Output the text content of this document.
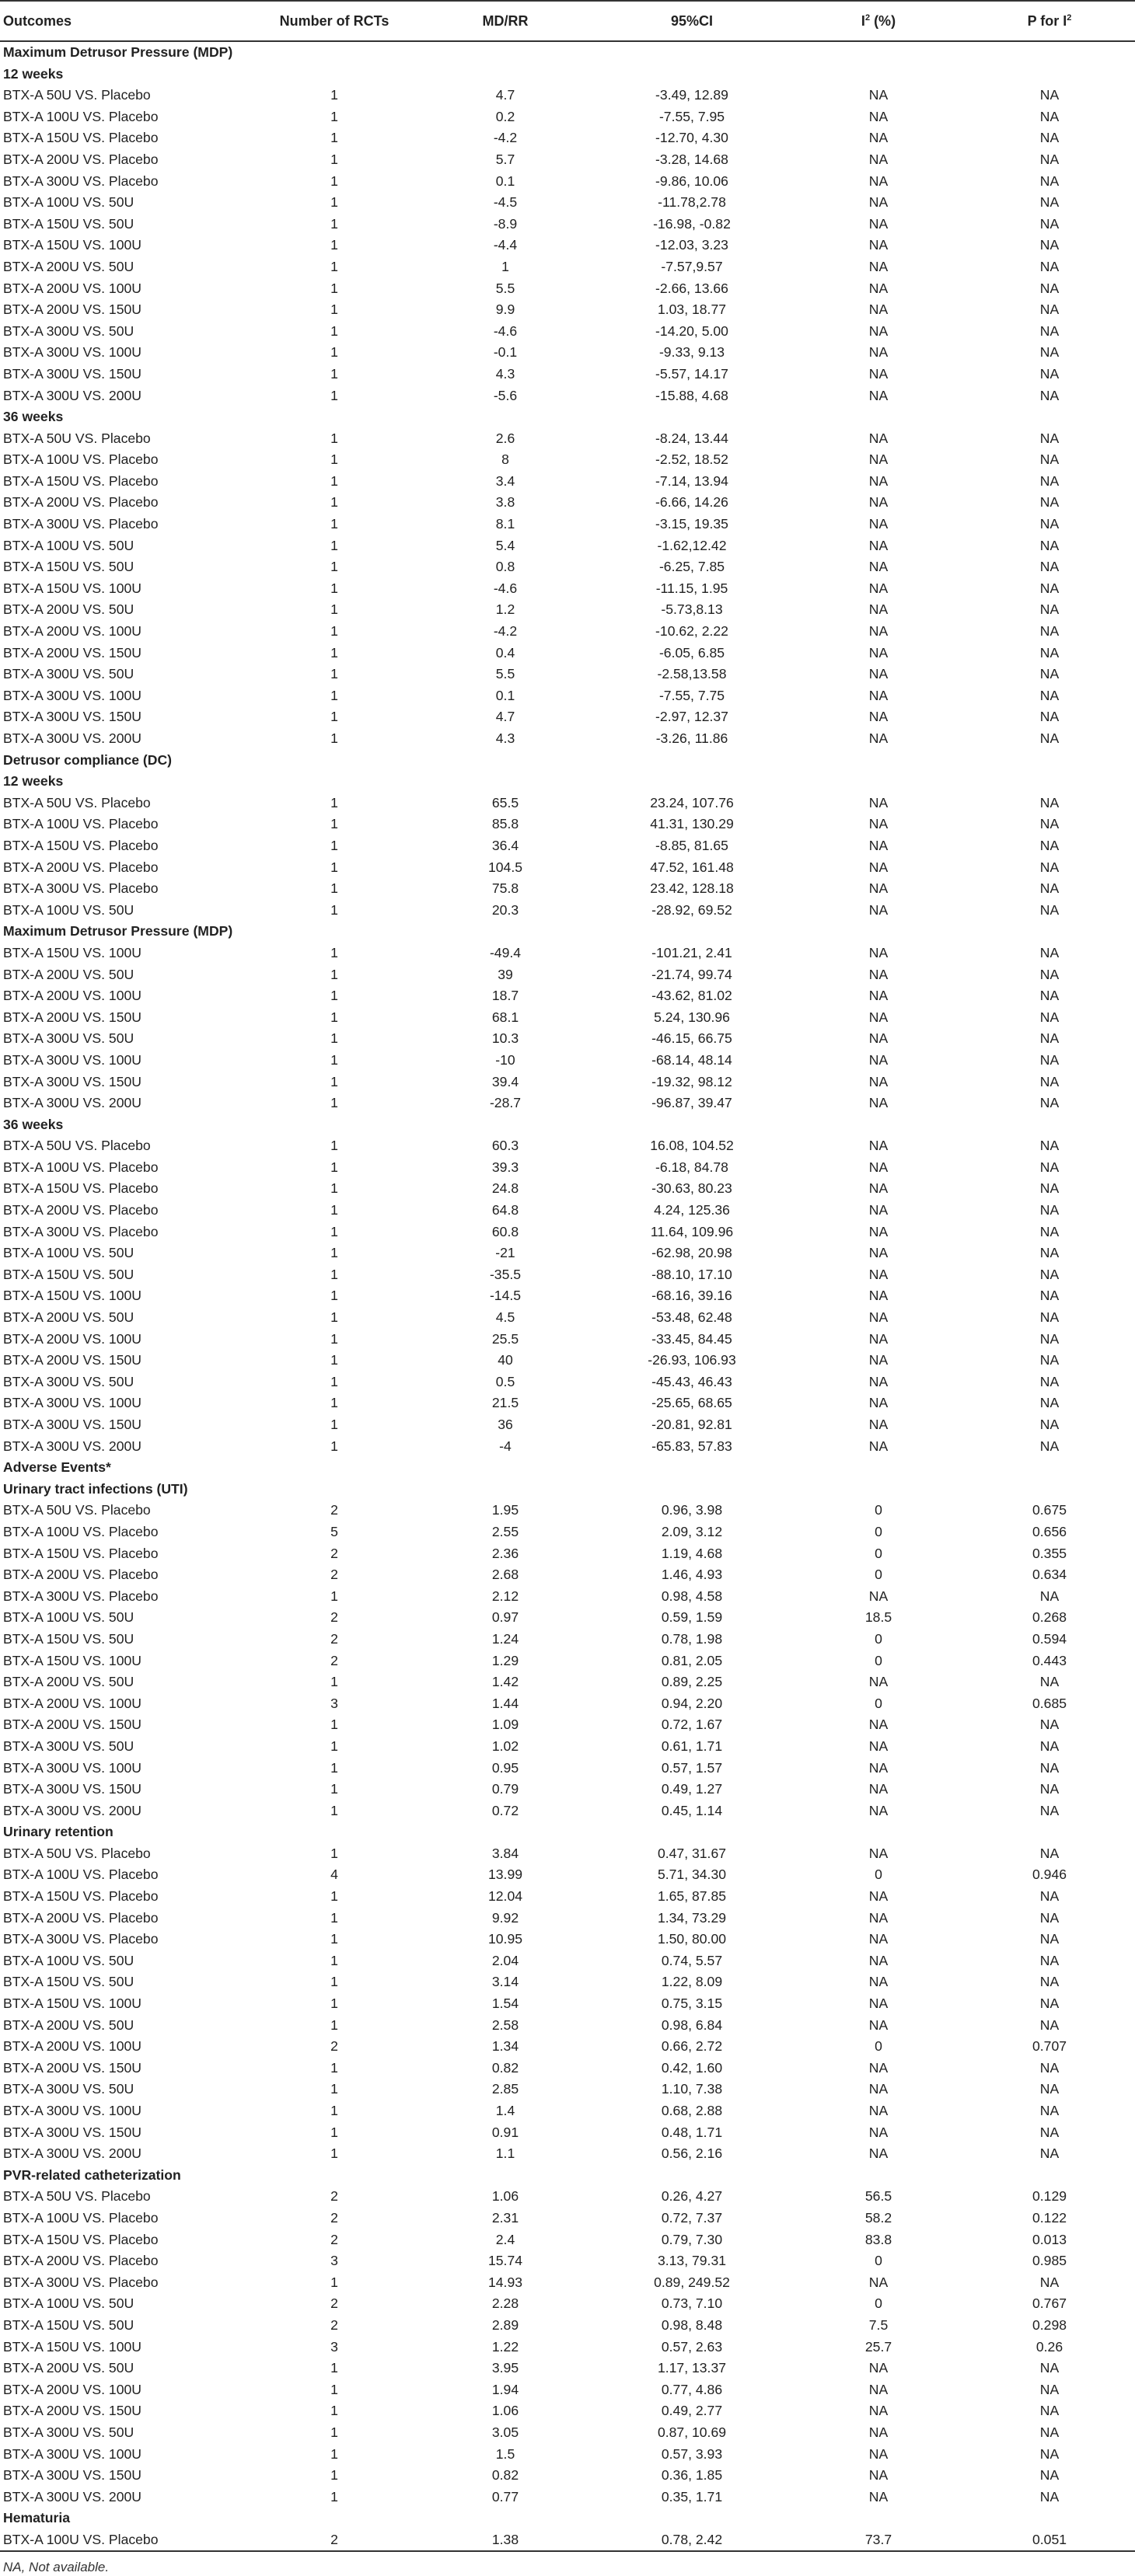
Outcomes	Number of RCTs	MD/RR	95%CI	$I^2$ (%)	P for $I^2$
Maximum Detrusor Pressure (MDP)					
12 weeks					
BTX-A 50U VS. Placebo	1	4.7	-3.49, 12.89	NA	NA
BTX-A 100U VS. Placebo	1	0.2	-7.55, 7.95	NA	NA
BTX-A 150U VS. Placebo	1	-4.2	-12.70, 4.30	NA	NA
BTX-A 200U VS. Placebo	1	5.7	-3.28, 14.68	NA	NA
BTX-A 300U VS. Placebo	1	0.1	-9.86, 10.06	NA	NA
BTX-A 100U VS. 50U	1	-4.5	-11.78,2.78	NA	NA
BTX-A 150U VS. 50U	1	-8.9	-16.98, -0.82	NA	NA
BTX-A 150U VS. 100U	1	-4.4	-12.03, 3.23	NA	NA
BTX-A 200U VS. 50U	1	1	-7.57,9.57	NA	NA
BTX-A 200U VS. 100U	1	5.5	-2.66, 13.66	NA	NA
BTX-A 200U VS. 150U	1	9.9	1.03, 18.77	NA	NA
BTX-A 300U VS. 50U	1	-4.6	-14.20, 5.00	NA	NA
BTX-A 300U VS. 100U	1	-0.1	-9.33, 9.13	NA	NA
BTX-A 300U VS. 150U	1	4.3	-5.57, 14.17	NA	NA
BTX-A 300U VS. 200U	1	-5.6	-15.88, 4.68	NA	NA
36 weeks					
BTX-A 50U VS. Placebo	1	2.6	-8.24, 13.44	NA	NA
BTX-A 100U VS. Placebo	1	8	-2.52, 18.52	NA	NA
BTX-A 150U VS. Placebo	1	3.4	-7.14, 13.94	NA	NA
BTX-A 200U VS. Placebo	1	3.8	-6.66, 14.26	NA	NA
BTX-A 300U VS. Placebo	1	8.1	-3.15, 19.35	NA	NA
BTX-A 100U VS. 50U	1	5.4	-1.62,12.42	NA	NA
BTX-A 150U VS. 50U	1	0.8	-6.25, 7.85	NA	NA
BTX-A 150U VS. 100U	1	-4.6	-11.15, 1.95	NA	NA
BTX-A 200U VS. 50U	1	1.2	-5.73,8.13	NA	NA
BTX-A 200U VS. 100U	1	-4.2	-10.62, 2.22	NA	NA
BTX-A 200U VS. 150U	1	0.4	-6.05, 6.85	NA	NA
BTX-A 300U VS. 50U	1	5.5	-2.58,13.58	NA	NA
BTX-A 300U VS. 100U	1	0.1	-7.55, 7.75	NA	NA
BTX-A 300U VS. 150U	1	4.7	-2.97, 12.37	NA	NA
BTX-A 300U VS. 200U	1	4.3	-3.26, 11.86	NA	NA
Detrusor compliance (DC)					
12 weeks					
BTX-A 50U VS. Placebo	1	65.5	23.24, 107.76	NA	NA
BTX-A 100U VS. Placebo	1	85.8	41.31, 130.29	NA	NA
BTX-A 150U VS. Placebo	1	36.4	-8.85, 81.65	NA	NA
BTX-A 200U VS. Placebo	1	104.5	47.52, 161.48	NA	NA
BTX-A 300U VS. Placebo	1	75.8	23.42, 128.18	NA	NA
BTX-A 100U VS. 50U	1	20.3	-28.92, 69.52	NA	NA
Maximum Detrusor Pressure (MDP)					
BTX-A 150U VS. 100U	1	-49.4	-101.21, 2.41	NA	NA
BTX-A 200U VS. 50U	1	39	-21.74, 99.74	NA	NA
BTX-A 200U VS. 100U	1	18.7	-43.62, 81.02	NA	NA
BTX-A 200U VS. 150U	1	68.1	5.24, 130.96	NA	NA
BTX-A 300U VS. 50U	1	10.3	-46.15, 66.75	NA	NA
BTX-A 300U VS. 100U	1	-10	-68.14, 48.14	NA	NA
BTX-A 300U VS. 150U	1	39.4	-19.32, 98.12	NA	NA
BTX-A 300U VS. 200U	1	-28.7	-96.87, 39.47	NA	NA
36 weeks					
BTX-A 50U VS. Placebo	1	60.3	16.08, 104.52	NA	NA
BTX-A 100U VS. Placebo	1	39.3	-6.18, 84.78	NA	NA
BTX-A 150U VS. Placebo	1	24.8	-30.63, 80.23	NA	NA
BTX-A 200U VS. Placebo	1	64.8	4.24, 125.36	NA	NA
BTX-A 300U VS. Placebo	1	60.8	11.64, 109.96	NA	NA
BTX-A 100U VS. 50U	1	-21	-62.98, 20.98	NA	NA
BTX-A 150U VS. 50U	1	-35.5	-88.10, 17.10	NA	NA
BTX-A 150U VS. 100U	1	-14.5	-68.16, 39.16	NA	NA
BTX-A 200U VS. 50U	1	4.5	-53.48, 62.48	NA	NA
BTX-A 200U VS. 100U	1	25.5	-33.45, 84.45	NA	NA
BTX-A 200U VS. 150U	1	40	-26.93, 106.93	NA	NA
BTX-A 300U VS. 50U	1	0.5	-45.43, 46.43	NA	NA
BTX-A 300U VS. 100U	1	21.5	-25.65, 68.65	NA	NA
BTX-A 300U VS. 150U	1	36	-20.81, 92.81	NA	NA
BTX-A 300U VS. 200U	1	-4	-65.83, 57.83	NA	NA
Adverse Events*					
Urinary tract infections (UTI)					
BTX-A 50U VS. Placebo	2	1.95	0.96, 3.98	0	0.675
BTX-A 100U VS. Placebo	5	2.55	2.09, 3.12	0	0.656
BTX-A 150U VS. Placebo	2	2.36	1.19, 4.68	0	0.355
BTX-A 200U VS. Placebo	2	2.68	1.46, 4.93	0	0.634
BTX-A 300U VS. Placebo	1	2.12	0.98, 4.58	NA	NA
BTX-A 100U VS. 50U	2	0.97	0.59, 1.59	18.5	0.268
BTX-A 150U VS. 50U	2	1.24	0.78, 1.98	0	0.594
BTX-A 150U VS. 100U	2	1.29	0.81, 2.05	0	0.443
BTX-A 200U VS. 50U	1	1.42	0.89, 2.25	NA	NA
BTX-A 200U VS. 100U	3	1.44	0.94, 2.20	0	0.685
BTX-A 200U VS. 150U	1	1.09	0.72, 1.67	NA	NA
BTX-A 300U VS. 50U	1	1.02	0.61, 1.71	NA	NA
BTX-A 300U VS. 100U	1	0.95	0.57, 1.57	NA	NA
BTX-A 300U VS. 150U	1	0.79	0.49, 1.27	NA	NA
BTX-A 300U VS. 200U	1	0.72	0.45, 1.14	NA	NA
Urinary retention					
BTX-A 50U VS. Placebo	1	3.84	0.47, 31.67	NA	NA
BTX-A 100U VS. Placebo	4	13.99	5.71, 34.30	0	0.946
BTX-A 150U VS. Placebo	1	12.04	1.65, 87.85	NA	NA
BTX-A 200U VS. Placebo	1	9.92	1.34, 73.29	NA	NA
BTX-A 300U VS. Placebo	1	10.95	1.50, 80.00	NA	NA
BTX-A 100U VS. 50U	1	2.04	0.74, 5.57	NA	NA
BTX-A 150U VS. 50U	1	3.14	1.22, 8.09	NA	NA
BTX-A 150U VS. 100U	1	1.54	0.75, 3.15	NA	NA
BTX-A 200U VS. 50U	1	2.58	0.98, 6.84	NA	NA
BTX-A 200U VS. 100U	2	1.34	0.66, 2.72	0	0.707
BTX-A 200U VS. 150U	1	0.82	0.42, 1.60	NA	NA
BTX-A 300U VS. 50U	1	2.85	1.10, 7.38	NA	NA
BTX-A 300U VS. 100U	1	1.4	0.68, 2.88	NA	NA
BTX-A 300U VS. 150U	1	0.91	0.48, 1.71	NA	NA
BTX-A 300U VS. 200U	1	1.1	0.56, 2.16	NA	NA
PVR-related catheterization					
BTX-A 50U VS. Placebo	2	1.06	0.26, 4.27	56.5	0.129
BTX-A 100U VS. Placebo	2	2.31	0.72, 7.37	58.2	0.122
BTX-A 150U VS. Placebo	2	2.4	0.79, 7.30	83.8	0.013
BTX-A 200U VS. Placebo	3	15.74	3.13, 79.31	0	0.985
BTX-A 300U VS. Placebo	1	14.93	0.89, 249.52	NA	NA
BTX-A 100U VS. 50U	2	2.28	0.73, 7.10	0	0.767
BTX-A 150U VS. 50U	2	2.89	0.98, 8.48	7.5	0.298
BTX-A 150U VS. 100U	3	1.22	0.57, 2.63	25.7	0.26
BTX-A 200U VS. 50U	1	3.95	1.17, 13.37	NA	NA
BTX-A 200U VS. 100U	1	1.94	0.77, 4.86	NA	NA
BTX-A 200U VS. 150U	1	1.06	0.49, 2.77	NA	NA
BTX-A 300U VS. 50U	1	3.05	0.87, 10.69	NA	NA
BTX-A 300U VS. 100U	1	1.5	0.57, 3.93	NA	NA
BTX-A 300U VS. 150U	1	0.82	0.36, 1.85	NA	NA
BTX-A 300U VS. 200U	1	0.77	0.35, 1.71	NA	NA
Hematuria					
BTX-A 100U VS. Placebo	2	1.38	0.78, 2.42	73.7	0.051
NA, Not available.
